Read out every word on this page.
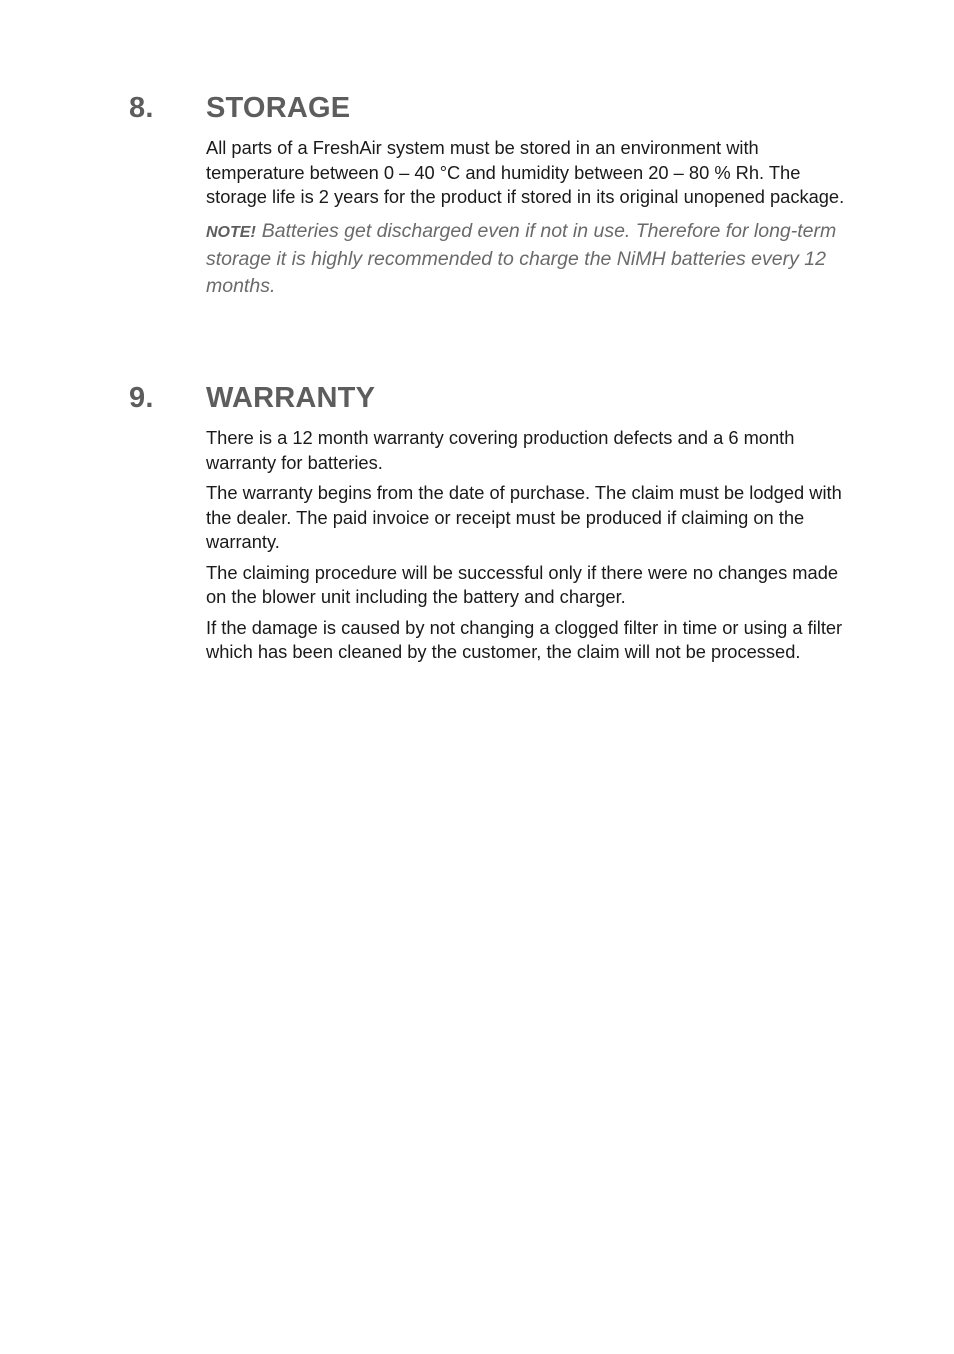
8. STORAGE

All parts of a FreshAir system must be stored in an environment with temperature between 0 – 40 °C and humidity between 20 – 80 % Rh. The storage life is 2 years for the product if stored in its original unopened package.

NOTE! Batteries get discharged even if not in use. Therefore for long-term storage it is highly recommended to charge the NiMH batteries every 12 months.

9. WARRANTY

There is a 12 month warranty covering production defects and a 6 month warranty for batteries.

The warranty begins from the date of purchase. The claim must be lodged with the dealer. The paid invoice or receipt must be produced if claiming on the warranty.

The claiming procedure will be successful only if there were no changes made on the blower unit including the battery and charger.

If the damage is caused by not changing a clogged filter in time or using a filter which has been cleaned by the customer, the claim will not be processed.
